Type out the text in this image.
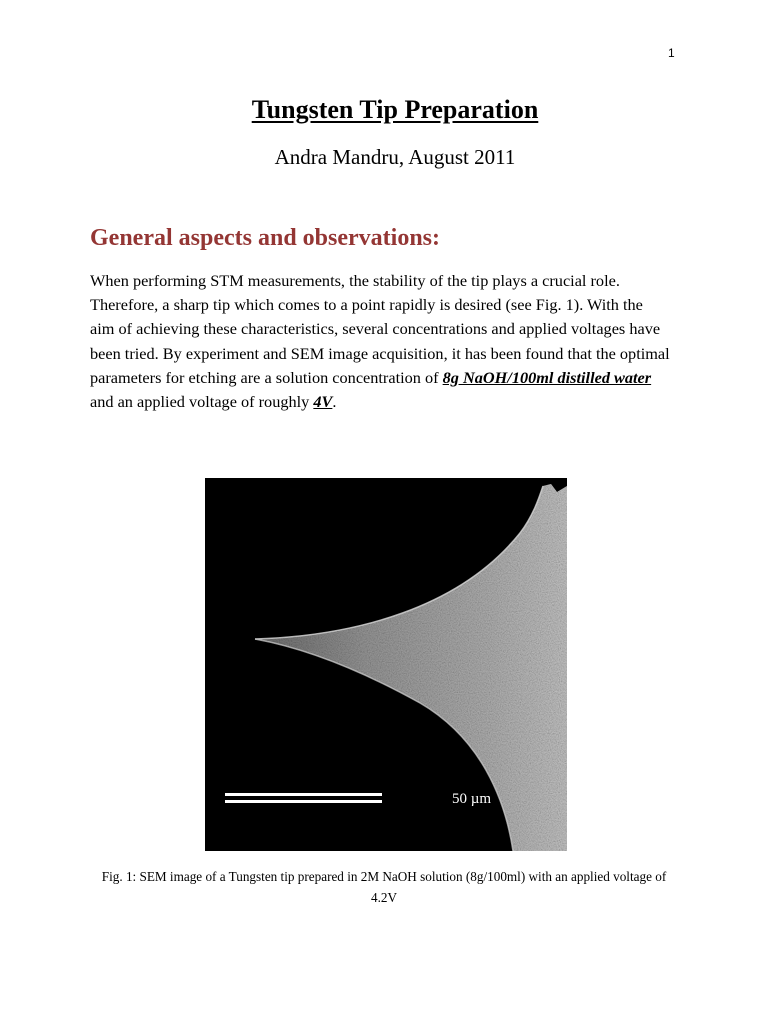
1
Tungsten Tip Preparation
Andra Mandru, August 2011
General aspects and observations:

When performing STM measurements, the stability of the tip plays a crucial role. Therefore, a sharp tip which comes to a point rapidly is desired (see Fig. 1). With the aim of achieving these characteristics, several concentrations and applied voltages have been tried. By experiment and SEM image acquisition, it has been found that the optimal parameters for etching are a solution concentration of 8g NaOH/100ml distilled water and an applied voltage of roughly 4V.

50 µm

Fig. 1: SEM image of a Tungsten tip prepared in 2M NaOH solution (8g/100ml) with an applied voltage of 4.2V
